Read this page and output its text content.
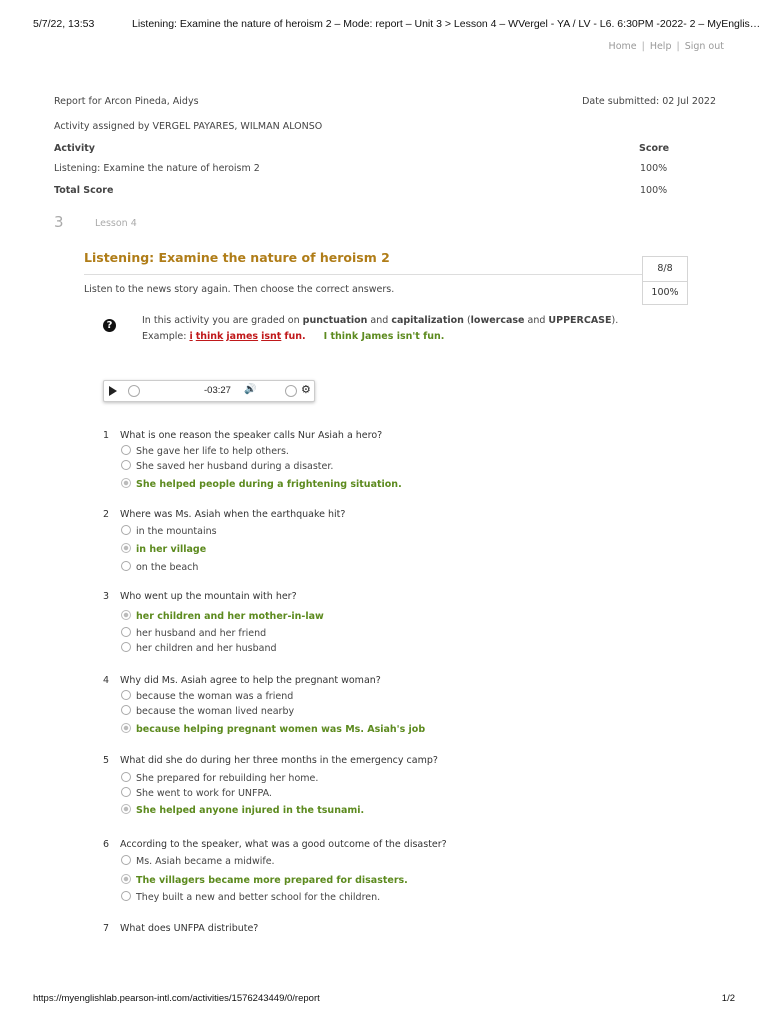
5/7/22, 13:53	Listening: Examine the nature of heroism 2 – Mode: report – Unit 3 > Lesson 4 – WVergel - YA / LV - L6. 6:30PM -2022- 2 – MyEnglis…
Home | Help | Sign out
Report for Arcon Pineda, Aidys	Date submitted: 02 Jul 2022
Activity assigned by VERGEL PAYARES, WILMAN ALONSO
Activity	Score
Listening: Examine the nature of heroism 2	100%
Total Score	100%
3	Lesson 4
Listening: Examine the nature of heroism 2
8/8
100%
Listen to the news story again. Then choose the correct answers.
?	In this activity you are graded on punctuation and capitalization (lowercase and UPPERCASE).
Example: i think james isnt fun. I think James isn't fun.
-03:27 🔊	⚙
1 What is one reason the speaker calls Nur Asiah a hero?
She gave her life to help others.
She saved her husband during a disaster.
She helped people during a frightening situation.
2 Where was Ms. Asiah when the earthquake hit?
in the mountains
in her village
on the beach
3 Who went up the mountain with her?
her children and her mother-in-law
her husband and her friend
her children and her husband
4 Why did Ms. Asiah agree to help the pregnant woman?
because the woman was a friend
because the woman lived nearby
because helping pregnant women was Ms. Asiah's job
5 What did she do during her three months in the emergency camp?
She prepared for rebuilding her home.
She went to work for UNFPA.
She helped anyone injured in the tsunami.
6 According to the speaker, what was a good outcome of the disaster?
Ms. Asiah became a midwife.
The villagers became more prepared for disasters.
They built a new and better school for the children.
7 What does UNFPA distribute?
https://myenglishlab.pearson-intl.com/activities/1576243449/0/report	1/2
